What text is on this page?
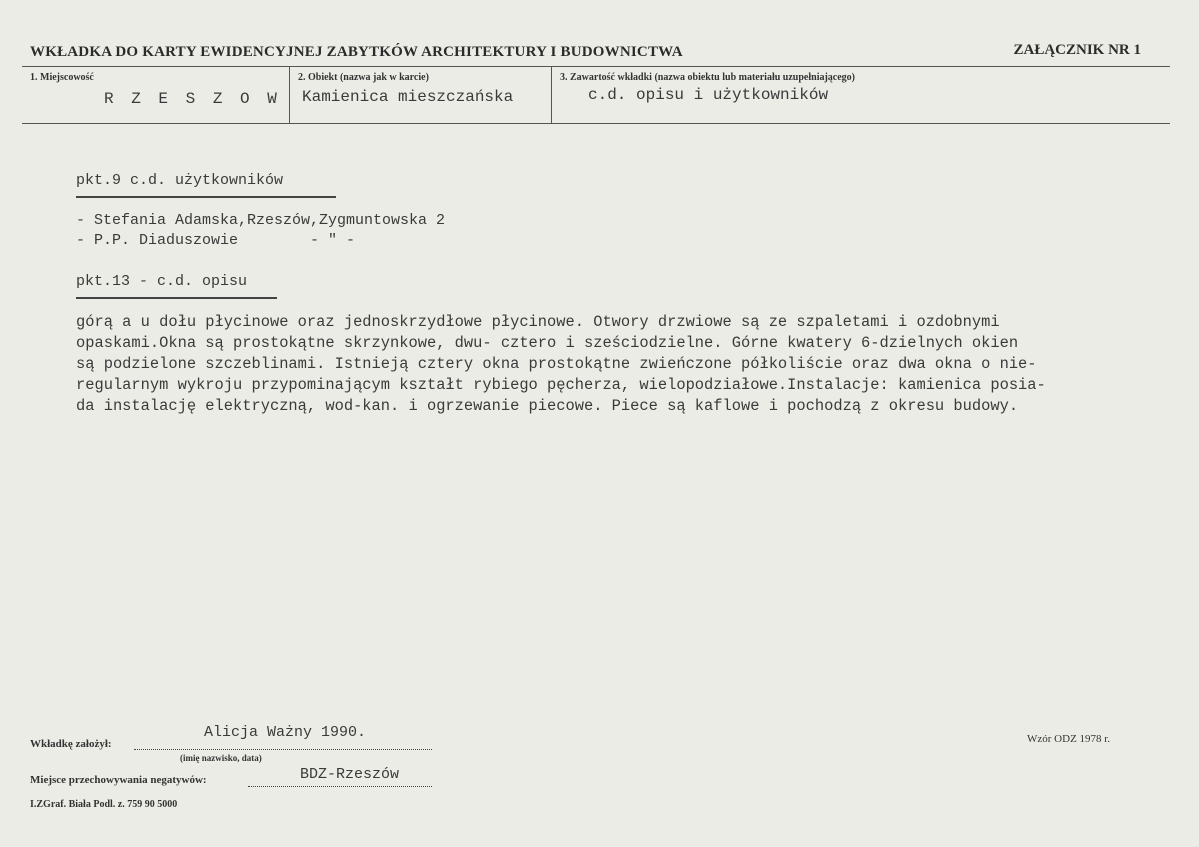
WKŁADKA DO KARTY EWIDENCYJNEJ ZABYTKÓW ARCHITEKTURY I BUDOWNICTWA	ZAŁĄCZNIK NR 1
1. Miejscowość
R Z E S Z O W
2. Obiekt (nazwa jak w karcie)
Kamienica mieszczańska
3. Zawartość wkładki (nazwa obiektu lub materiału uzupełniającego)
c.d. opisu i użytkowników
pkt.9 c.d. użytkowników
- Stefania Adamska,Rzeszów,Zygmuntowska 2
- P.P. Diaduszowie        - " -
pkt.13 - c.d. opisu
górą a u dołu płycinowe oraz jednoskrzydłowe płycinowe. Otwory drzwiowe są ze szpaletami i ozdobnymi
opaskami.Okna są prostokątne skrzynkowe, dwu- cztero i sześciodzielne. Górne kwatery 6-dzielnych okien
są podzielone szczeblinami. Istnieją cztery okna prostokątne zwieńczone półkoliście oraz dwa okna o nie-
regularnym wykroju przypominającym kształt rybiego pęcherza, wielopodziałowe.Instalacje: kamienica posia-
da instalację elektryczną, wod-kan. i ogrzewanie piecowe. Piece są kaflowe i pochodzą z okresu budowy.
Wkładkę założył:
Alicja Ważny 1990.
(imię nazwisko, data)
Miejsce przechowywania negatywów:	BDZ-Rzeszów
I.ZGraf. Biała Podl. z. 759 90 5000
Wzór ODZ 1978 r.
